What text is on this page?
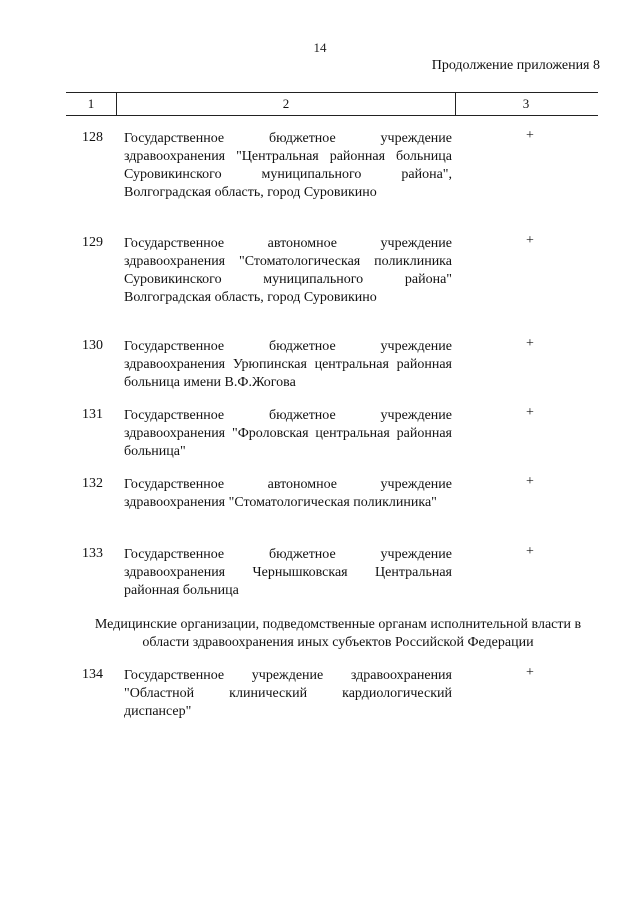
14
Продолжение приложения 8
1	2	3
128 Государственное бюджетное учреждение здравоохранения "Центральная районная больница Суровикинского муниципального района", Волгоградская область, город Суровикино
+
129 Государственное автономное учреждение здравоохранения "Стоматологическая поликлиника Суровикинского муниципального района" Волгоградская область, город Суровикино
+
130 Государственное бюджетное учреждение здравоохранения Урюпинская центральная районная больница имени В.Ф.Жогова
+
131 Государственное бюджетное учреждение здравоохранения "Фроловская центральная районная больница"
+
132 Государственное автономное учреждение здравоохранения "Стоматологическая поликлиника"
+
133 Государственное бюджетное учреждение здравоохранения Чернышковская Центральная районная больница
+
Медицинские организации, подведомственные органам исполнительной власти в области здравоохранения иных субъектов Российской Федерации
134 Государственное учреждение здравоохранения "Областной клинический кардиологический диспансер"
+
